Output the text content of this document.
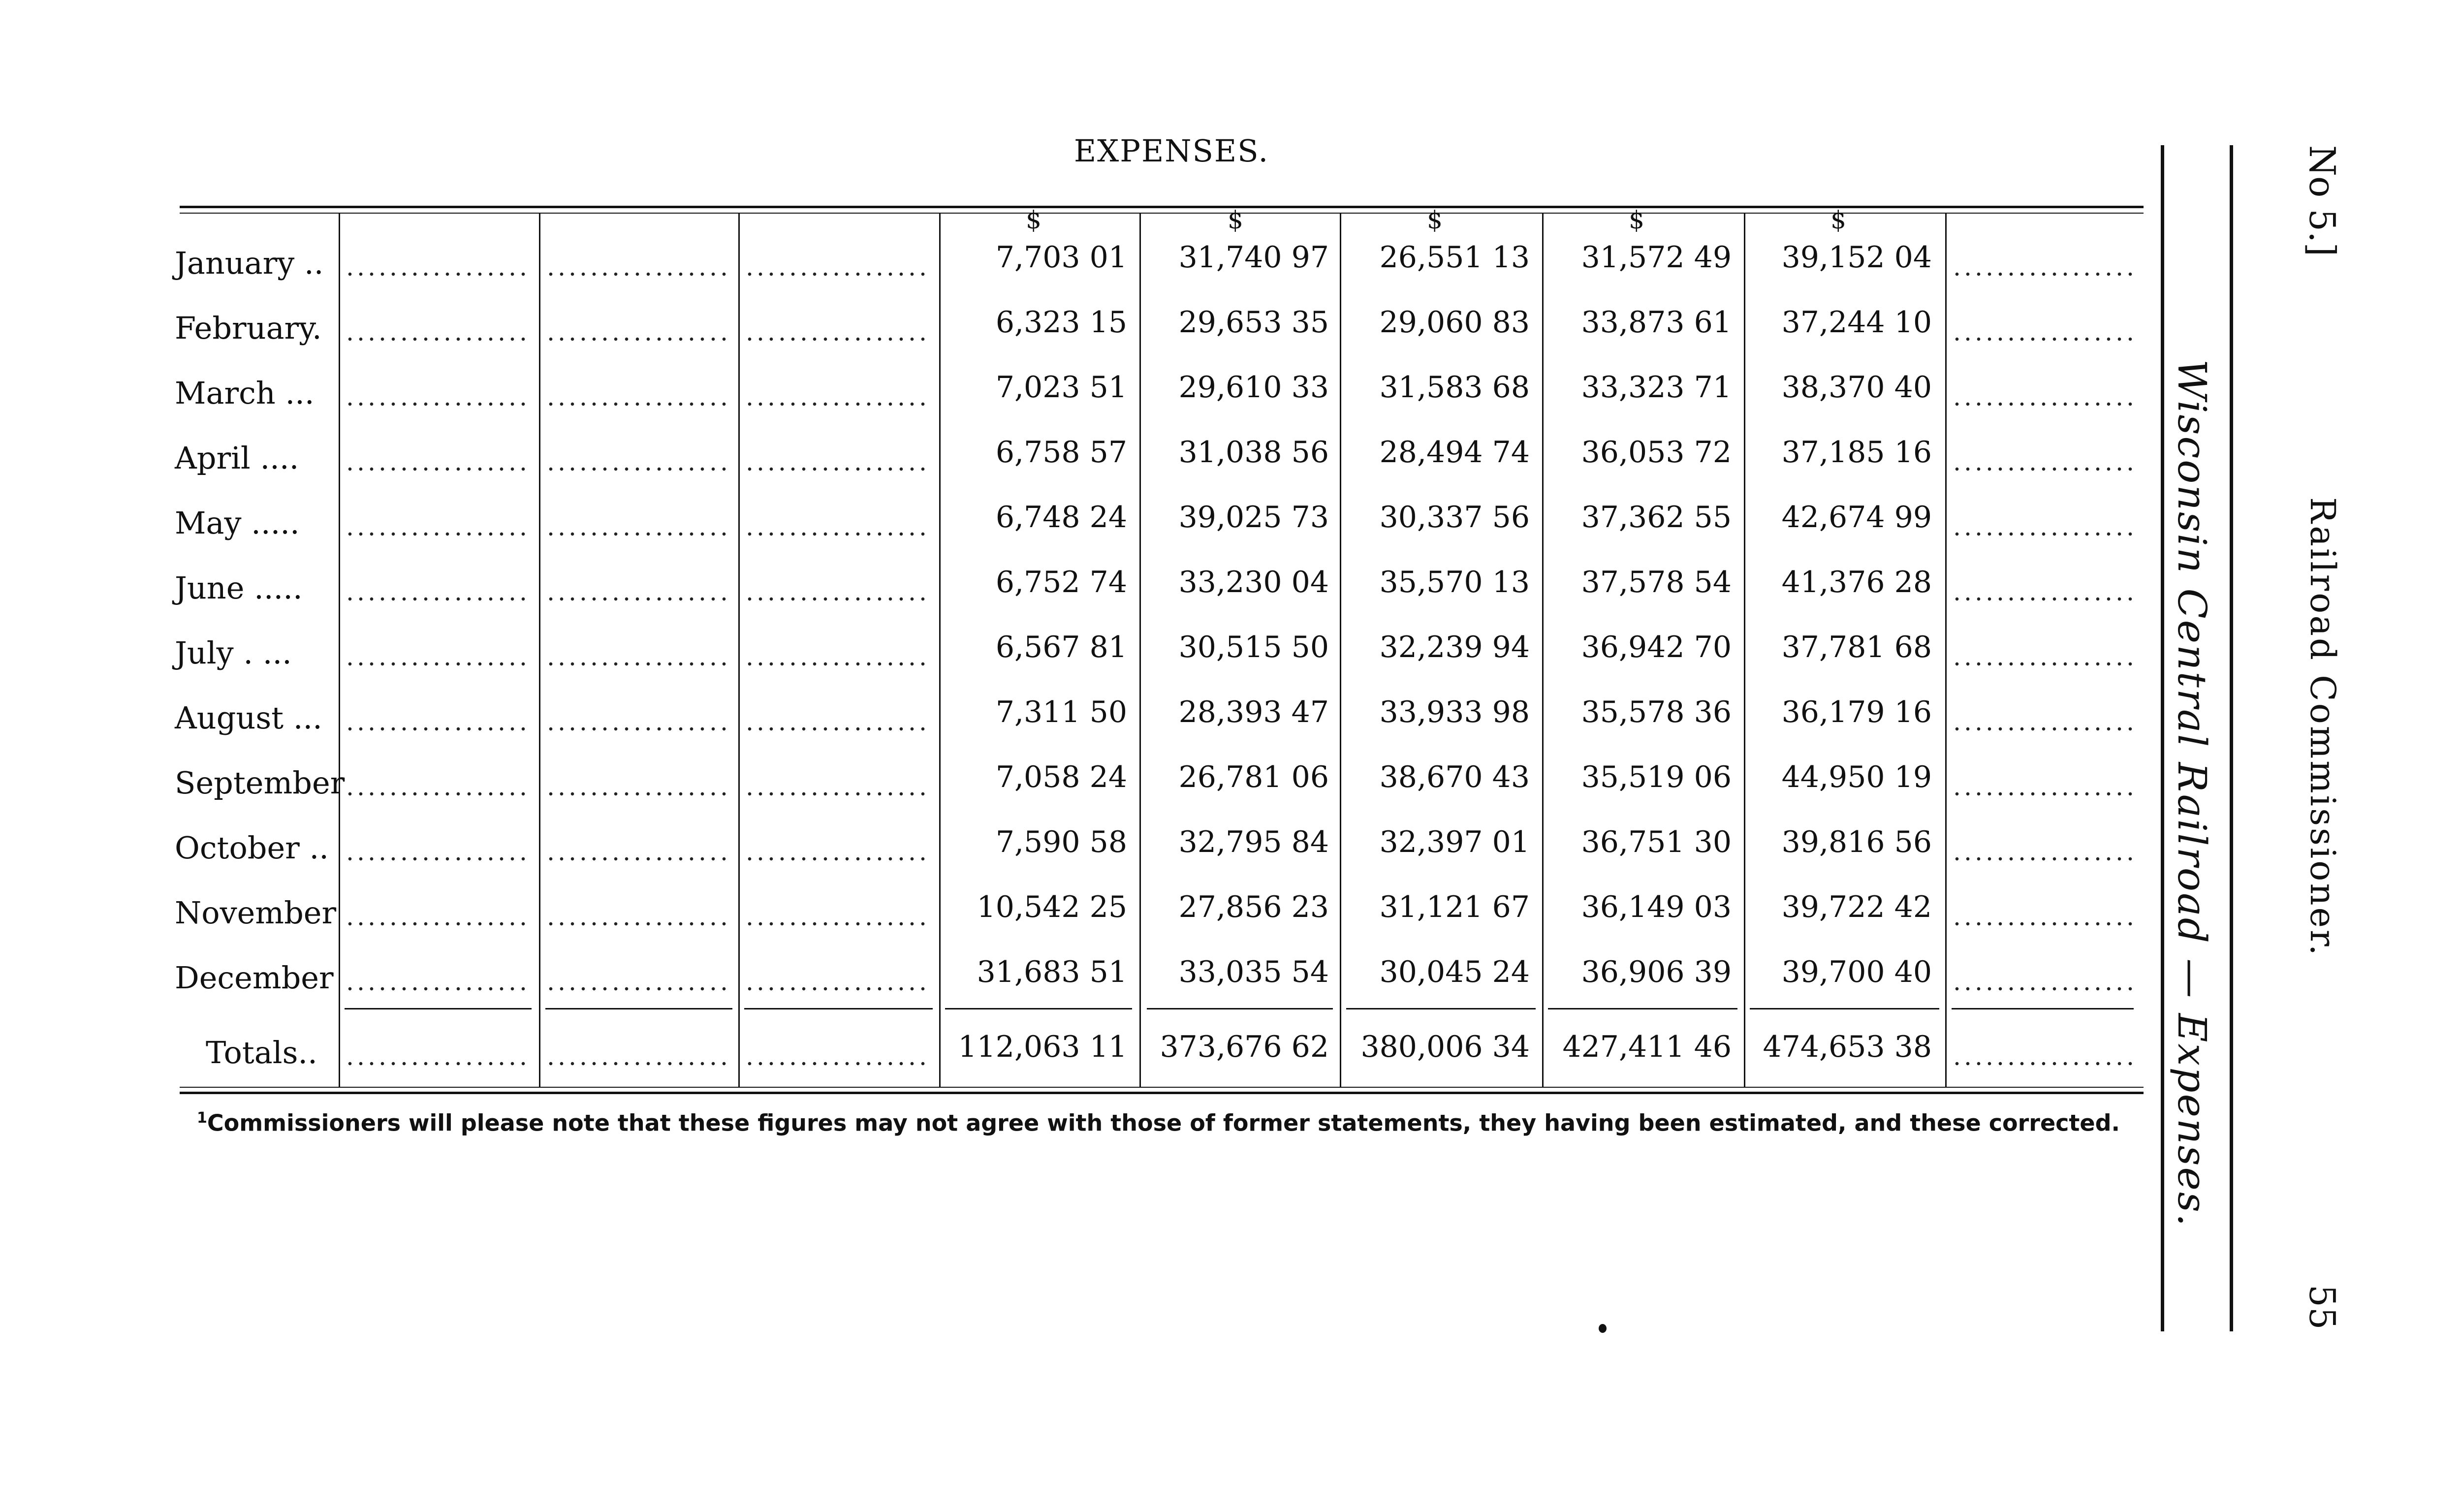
EXPENSES.
$	$	$	$	$
January ..	7,703 01	31,740 97	26,551 13	31,572 49	39,152 04
February.	6,323 15	29,653 35	29,060 83	33,873 61	37,244 10
March ...	7,023 51	29,610 33	31,583 68	33,323 71	38,370 40
April ....	6,758 57	31,038 56	28,494 74	36,053 72	37,185 16
May .....	6,748 24	39,025 73	30,337 56	37,362 55	42,674 99
June .....	6,752 74	33,230 04	35,570 13	37,578 54	41,376 28
July . ...	6,567 81	30,515 50	32,239 94	36,942 70	37,781 68
August ...	7,311 50	28,393 47	33,933 98	35,578 36	36,179 16
September	7,058 24	26,781 06	38,670 43	35,519 06	44,950 19
October ..	7,590 58	32,795 84	32,397 01	36,751 30	39,816 56
November	10,542 25	27,856 23	31,121 67	36,149 03	39,722 42
December	31,683 51	33,035 54	30,045 24	36,906 39	39,700 40
Totals..	112,063 11	373,676 62	380,006 34	427,411 46	474,653 38
$^1$Commissioners will please note that these figures may not agree with those of former statements, they having been estimated, and these corrected.	Wisconsin Central Railroad — Expenses.
No 5.]
Railroad Commissioner.
55
